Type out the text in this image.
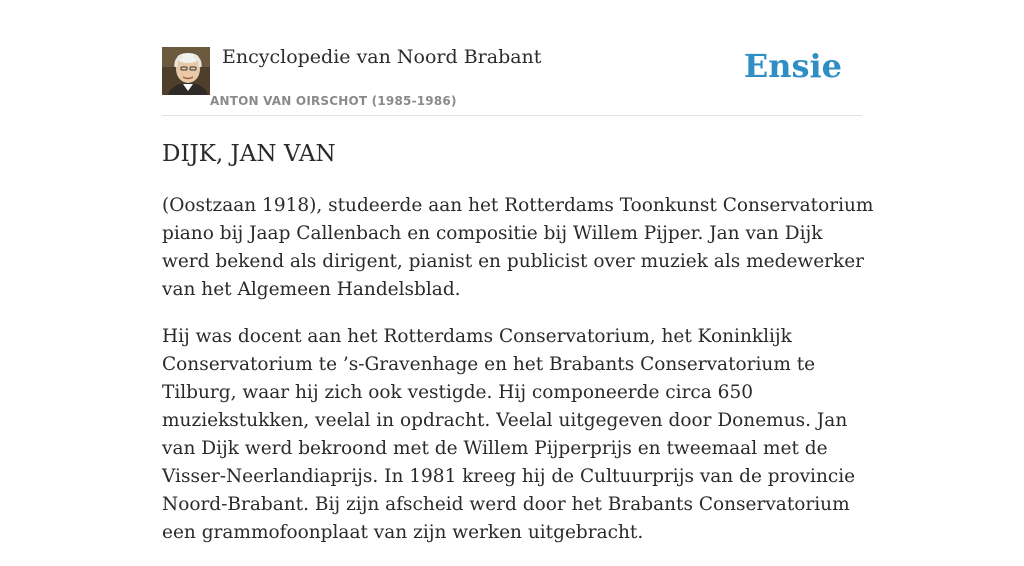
Encyclopedie van Noord Brabant
ANTON VAN OIRSCHOT (1985-1986)
Ensie
DIJK, JAN VAN

(Oostzaan 1918), studeerde aan het Rotterdams Toonkunst Conservatorium piano bij Jaap Callenbach en compositie bij Willem Pijper. Jan van Dijk werd bekend als dirigent, pianist en publicist over muziek als medewerker van het Algemeen Handelsblad.

Hij was docent aan het Rotterdams Conservatorium, het Koninklijk Conservatorium te ’s-Gravenhage en het Brabants Conservatorium te Tilburg, waar hij zich ook vestigde. Hij componeerde circa 650 muziekstukken, veelal in opdracht. Veelal uitgegeven door Donemus. Jan van Dijk werd bekroond met de Willem Pijperprijs en tweemaal met de Visser-Neerlandiaprijs. In 1981 kreeg hij de Cultuurprijs van de provincie Noord-Brabant. Bij zijn afscheid werd door het Brabants Conservatorium een grammofoonplaat van zijn werken uitgebracht.
